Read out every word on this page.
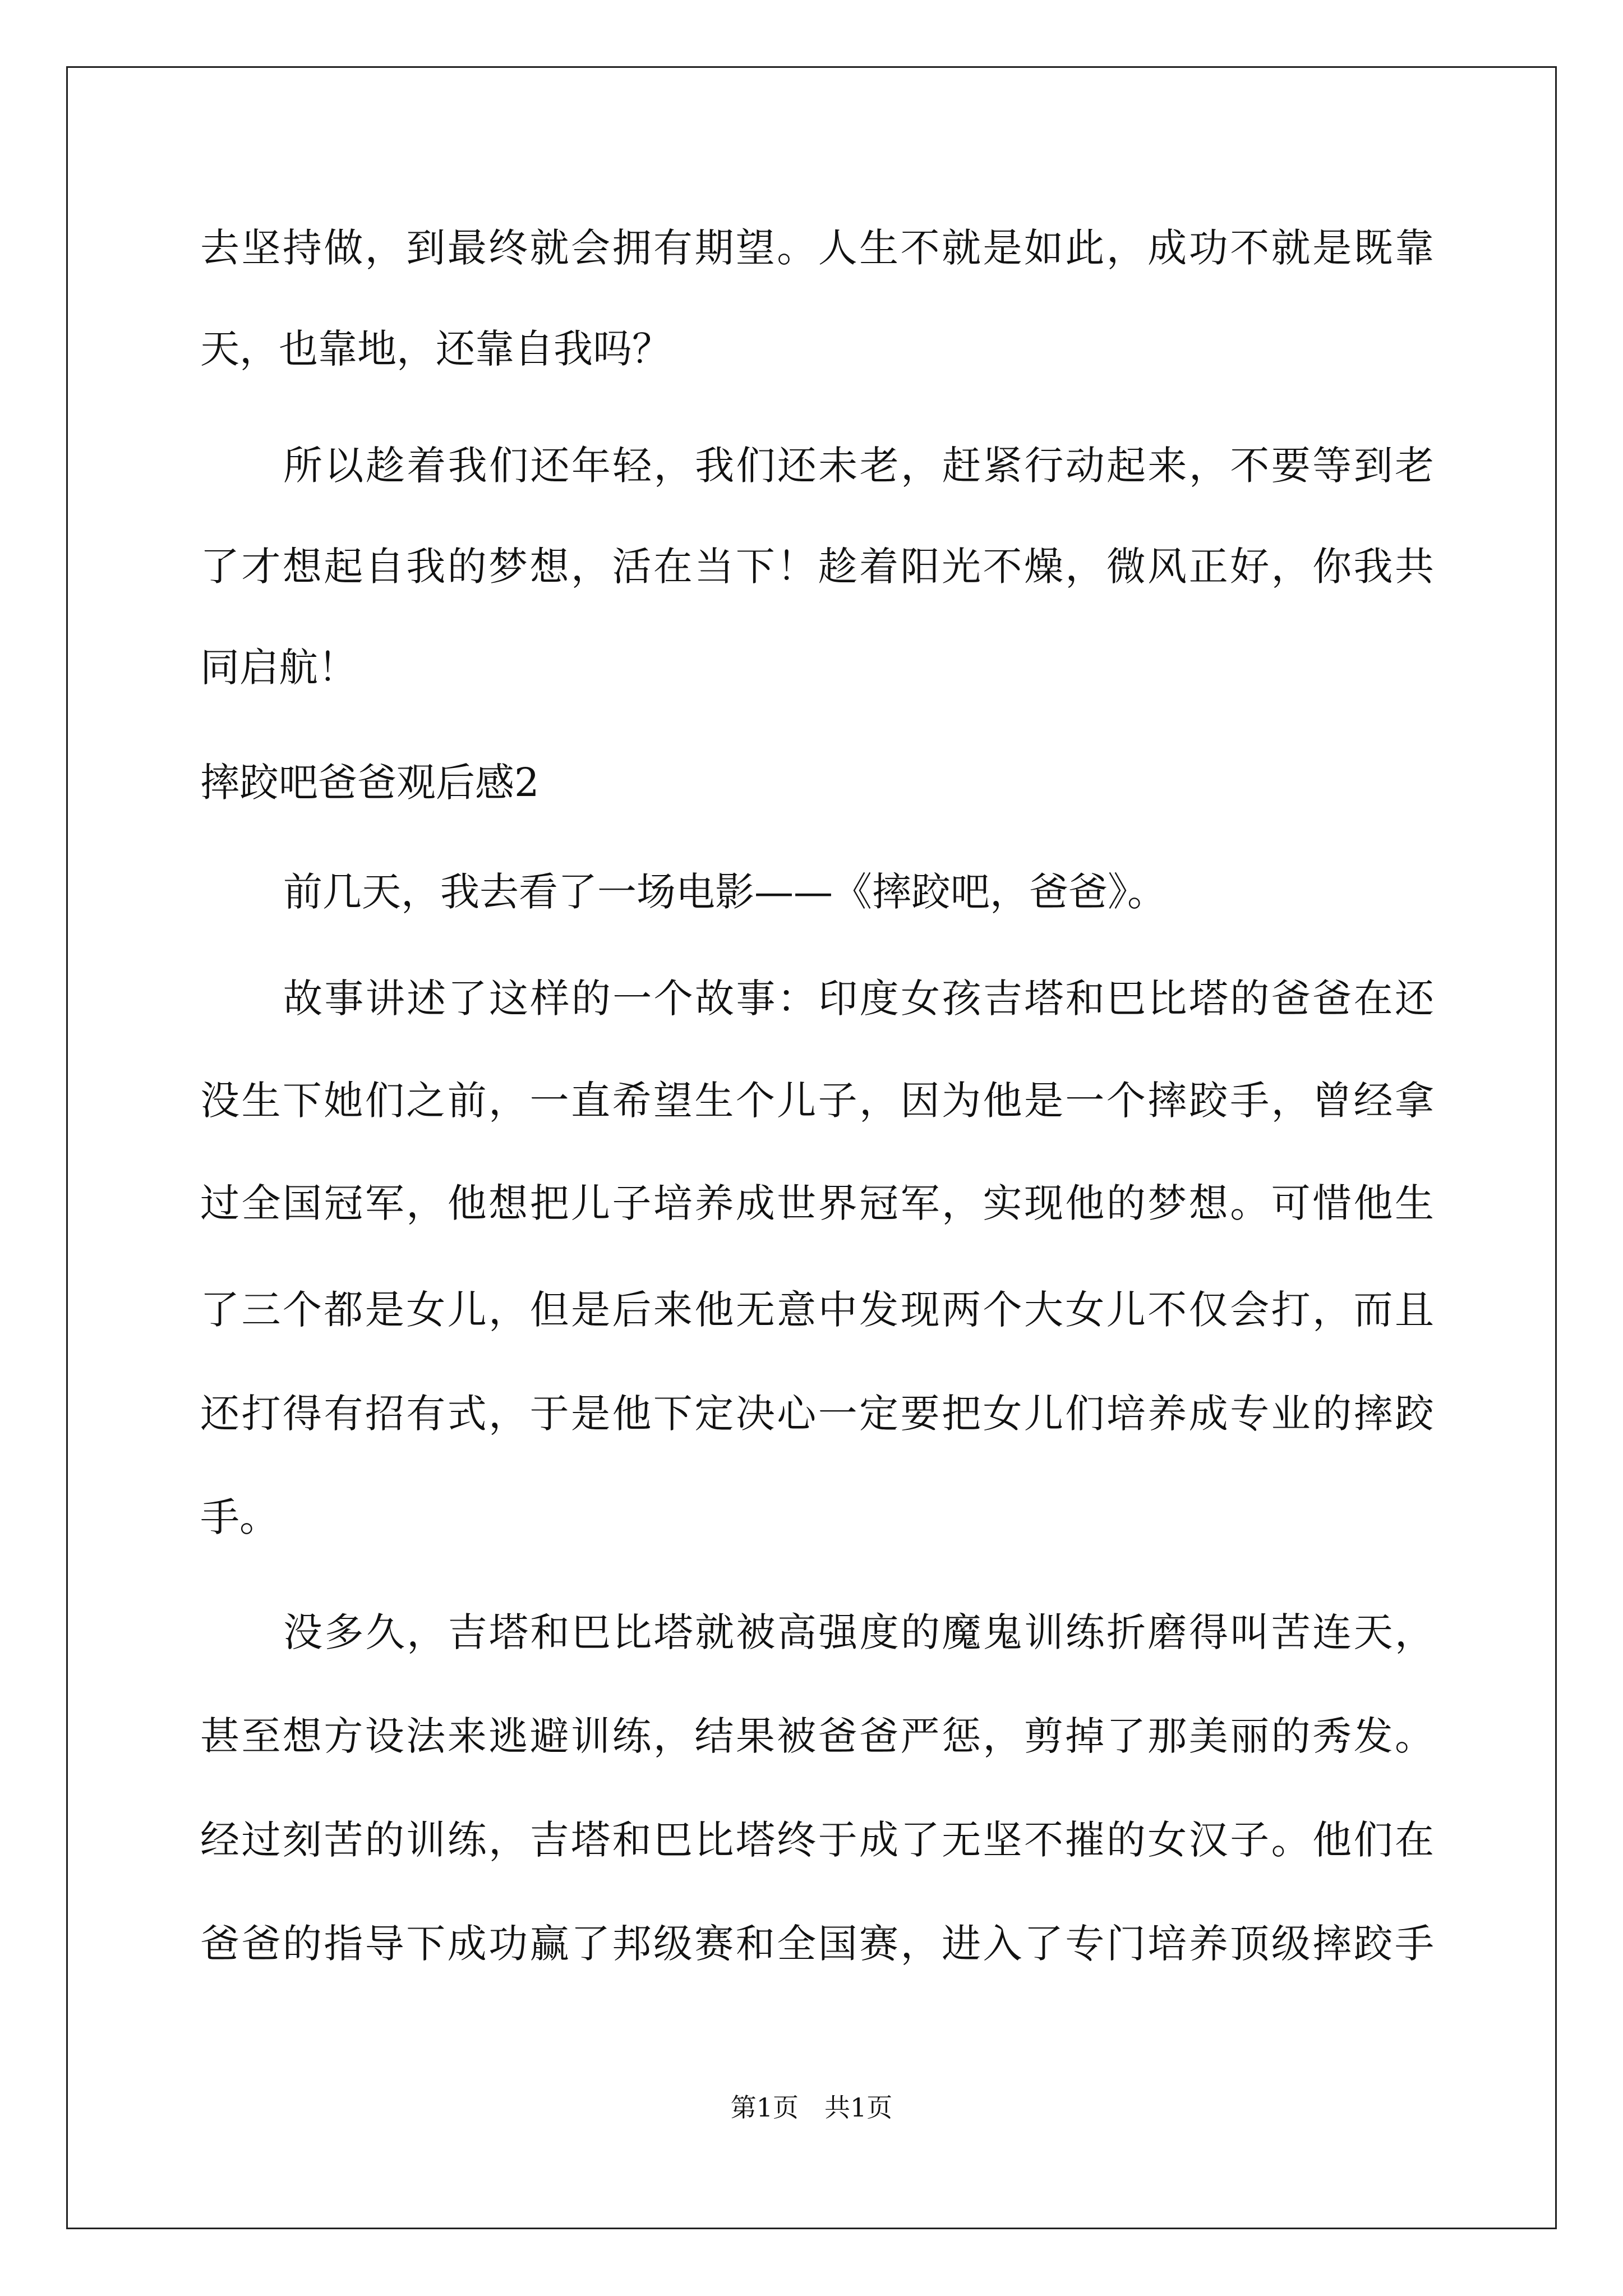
去坚持做，到最终就会拥有期望。人生不就是如此，成功不就是既靠
天，也靠地，还靠自我吗？
所以趁着我们还年轻，我们还未老，赶紧行动起来，不要等到老
了才想起自我的梦想，活在当下！趁着阳光不燥，微风正好，你我共
同启航！
摔跤吧爸爸观后感2
前几天，我去看了一场电影——《摔跤吧，爸爸》。
故事讲述了这样的一个故事：印度女孩吉塔和巴比塔的爸爸在还
没生下她们之前，一直希望生个儿子，因为他是一个摔跤手，曾经拿
过全国冠军，他想把儿子培养成世界冠军，实现他的梦想。可惜他生
了三个都是女儿，但是后来他无意中发现两个大女儿不仅会打，而且
还打得有招有式，于是他下定决心一定要把女儿们培养成专业的摔跤
手。
没多久，吉塔和巴比塔就被高强度的魔鬼训练折磨得叫苦连天，
甚至想方设法来逃避训练，结果被爸爸严惩，剪掉了那美丽的秀发。
经过刻苦的训练，吉塔和巴比塔终于成了无坚不摧的女汉子。他们在
爸爸的指导下成功赢了邦级赛和全国赛，进入了专门培养顶级摔跤手
第1页　共1页
